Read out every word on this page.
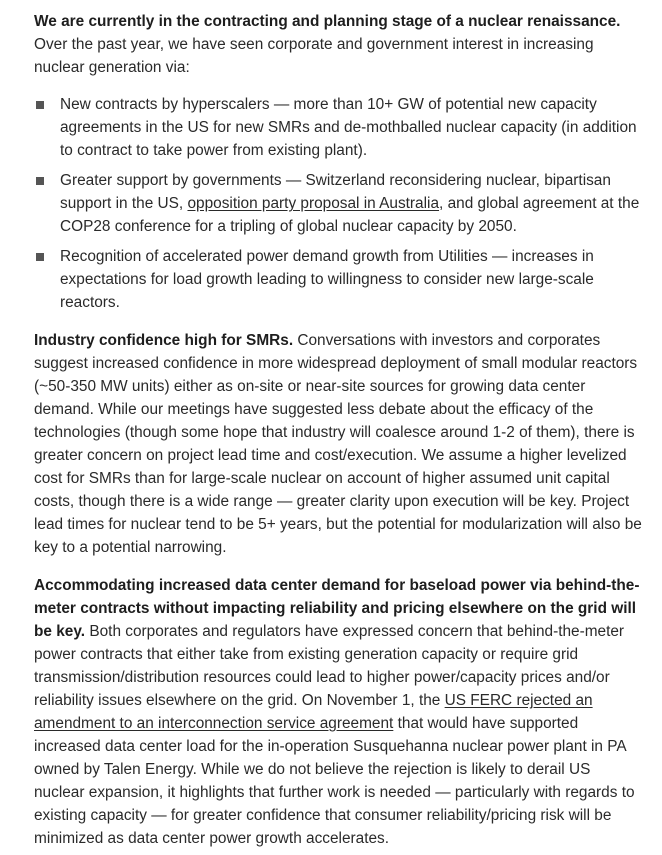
We are currently in the contracting and planning stage of a nuclear renaissance.
Over the past year, we have seen corporate and government interest in increasing nuclear generation via:

New contracts by hyperscalers — more than 10+ GW of potential new capacity agreements in the US for new SMRs and de-mothballed nuclear capacity (in addition to contract to take power from existing plant).
Greater support by governments — Switzerland reconsidering nuclear, bipartisan support in the US, opposition party proposal in Australia, and global agreement at the COP28 conference for a tripling of global nuclear capacity by 2050.
Recognition of accelerated power demand growth from Utilities — increases in expectations for load growth leading to willingness to consider new large-scale reactors.

Industry confidence high for SMRs. Conversations with investors and corporates suggest increased confidence in more widespread deployment of small modular reactors (~50-350 MW units) either as on-site or near-site sources for growing data center demand. While our meetings have suggested less debate about the efficacy of the technologies (though some hope that industry will coalesce around 1-2 of them), there is greater concern on project lead time and cost/execution. We assume a higher levelized cost for SMRs than for large-scale nuclear on account of higher assumed unit capital costs, though there is a wide range — greater clarity upon execution will be key. Project lead times for nuclear tend to be 5+ years, but the potential for modularization will also be key to a potential narrowing.

Accommodating increased data center demand for baseload power via behind-the-meter contracts without impacting reliability and pricing elsewhere on the grid will be key. Both corporates and regulators have expressed concern that behind-the-meter power contracts that either take from existing generation capacity or require grid transmission/distribution resources could lead to higher power/capacity prices and/or reliability issues elsewhere on the grid. On November 1, the US FERC rejected an amendment to an interconnection service agreement that would have supported increased data center load for the in-operation Susquehanna nuclear power plant in PA owned by Talen Energy. While we do not believe the rejection is likely to derail US nuclear expansion, it highlights that further work is needed — particularly with regards to existing capacity — for greater confidence that consumer reliability/pricing risk will be minimized as data center power growth accelerates.
